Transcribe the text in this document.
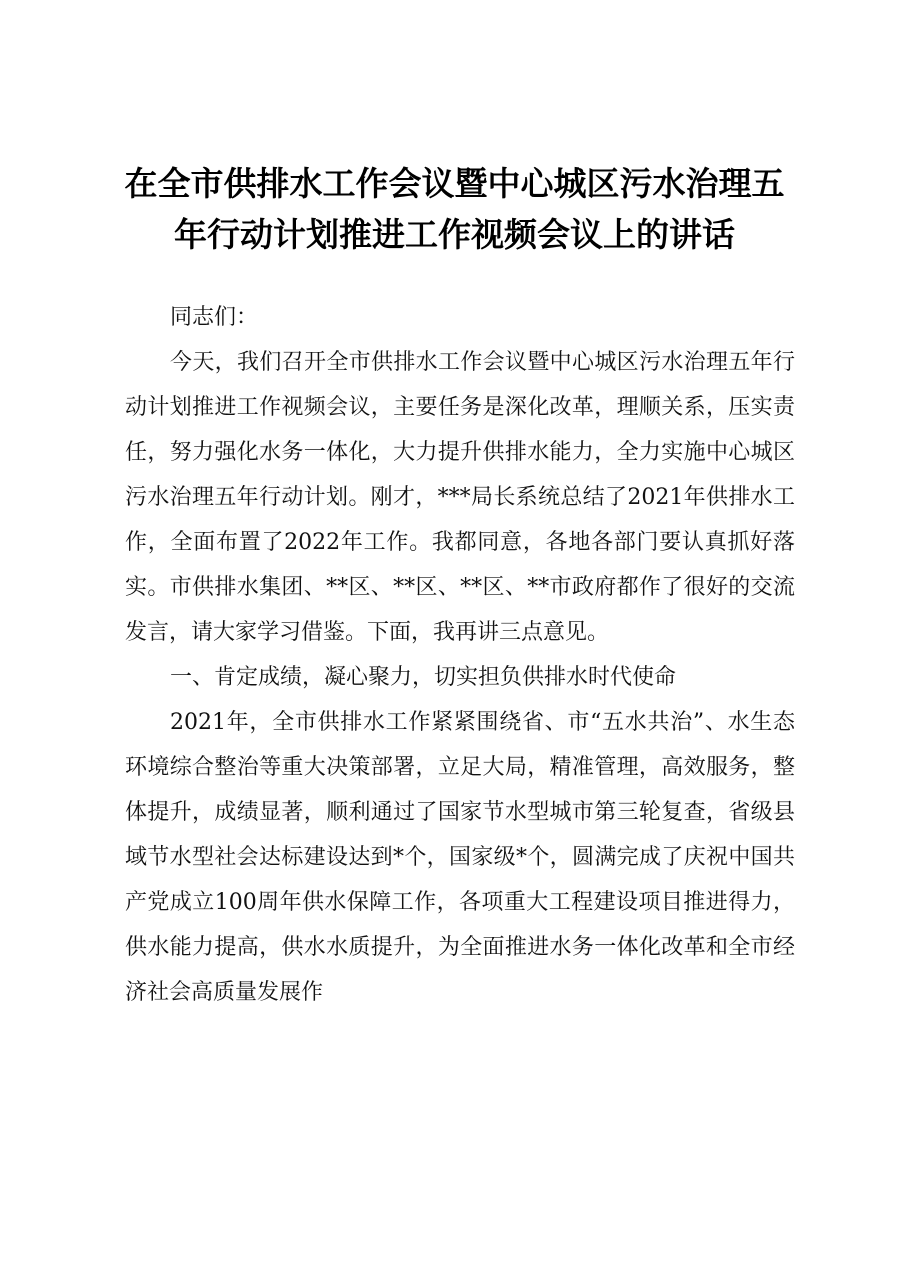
在全市供排水工作会议暨中心城区污水治理五
年行动计划推进工作视频会议上的讲话

同志们：

今天，我们召开全市供排水工作会议暨中心城区污水治理五年行动计划推进工作视频会议，主要任务是深化改革，理顺关系，压实责任，努力强化水务一体化，大力提升供排水能力，全力实施中心城区污水治理五年行动计划。刚才，***局长系统总结了2021年供排水工作，全面布置了2022年工作。我都同意，各地各部门要认真抓好落实。市供排水集团、**区、**区、**区、**市政府都作了很好的交流发言，请大家学习借鉴。下面，我再讲三点意见。

一、肯定成绩，凝心聚力，切实担负供排水时代使命

2021年，全市供排水工作紧紧围绕省、市“五水共治”、水生态环境综合整治等重大决策部署，立足大局，精准管理，高效服务，整体提升，成绩显著，顺利通过了国家节水型城市第三轮复查，省级县域节水型社会达标建设达到*个，国家级*个，圆满完成了庆祝中国共产党成立100周年供水保障工作，各项重大工程建设项目推进得力，供水能力提高，供水水质提升，为全面推进水务一体化改革和全市经济社会高质量发展作
